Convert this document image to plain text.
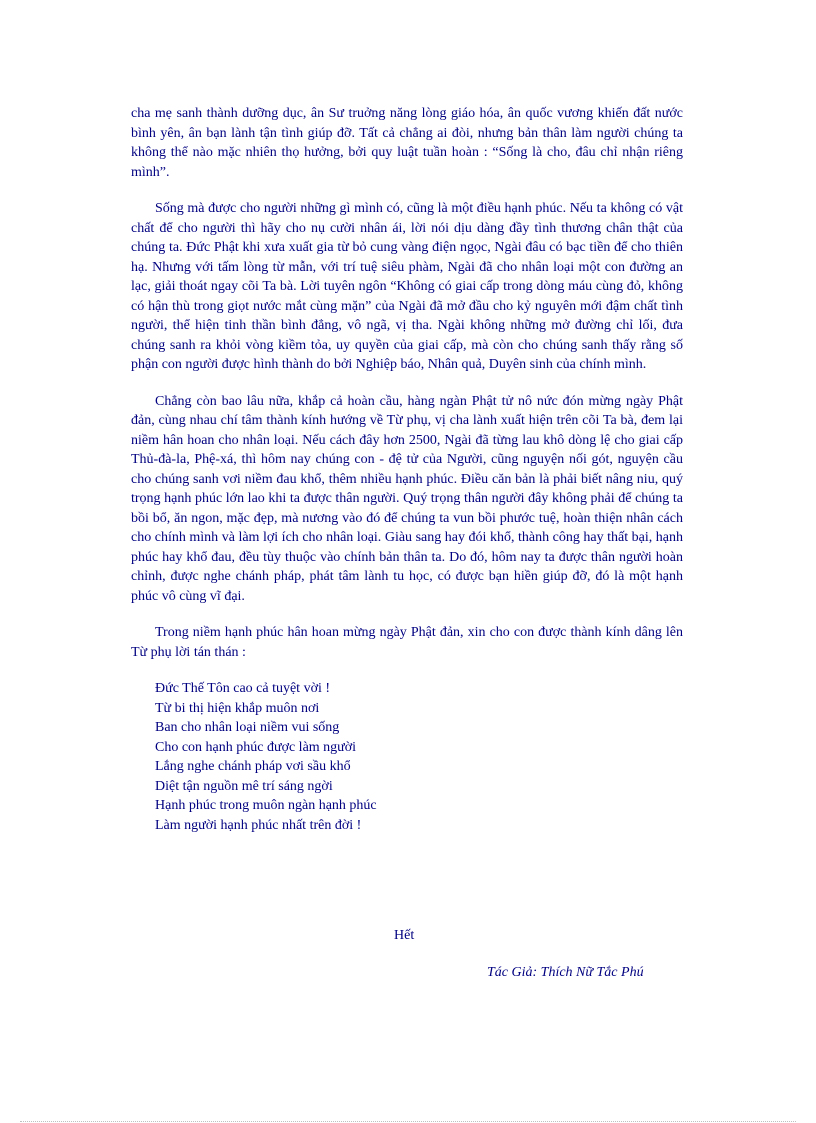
cha mẹ sanh thành dưỡng dục, ân Sư truởng năng lòng giáo hóa, ân quốc vương khiến đất nước bình yên, ân bạn lành tận tình giúp đỡ. Tất cả chẳng ai đòi, nhưng bản thân làm người chúng ta không thể nào mặc nhiên thọ hưởng, bởi quy luật tuần hoàn : “Sống là cho, đâu chỉ nhận riêng mình”.

Sống mà được cho người những gì mình có, cũng là một điều hạnh phúc. Nếu ta không có vật chất để cho người thì hãy cho nụ cười nhân ái, lời nói dịu dàng đầy tình thương chân thật của chúng ta. Đức Phật khi xưa xuất gia từ bỏ cung vàng điện ngọc, Ngài đâu có bạc tiền để cho thiên hạ. Nhưng với tấm lòng từ mẫn, với trí tuệ siêu phàm, Ngài đã cho nhân loại một con đường an lạc, giải thoát ngay cõi Ta bà. Lời tuyên ngôn “Không có giai cấp trong dòng máu cùng đỏ, không có hận thù trong giọt nước mắt cùng mặn” của Ngài đã mở đầu cho kỷ nguyên mới đậm chất tình người, thể hiện tinh thần bình đẳng, vô ngã, vị tha. Ngài không những mở đường chỉ lối, đưa chúng sanh ra khỏi vòng kiềm tỏa, uy quyền của giai cấp, mà còn cho chúng sanh thấy rằng số phận con người được hình thành do bởi Nghiệp báo, Nhân quả, Duyên sinh của chính mình.

Chẳng còn bao lâu nữa, khắp cả hoàn cầu, hàng ngàn Phật tử nô nức đón mừng ngày Phật đản, cùng nhau chí tâm thành kính hướng về Từ phụ, vị cha lành xuất hiện trên cõi Ta bà, đem lại niềm hân hoan cho nhân loại. Nếu cách đây hơn 2500, Ngài đã từng lau khô dòng lệ cho giai cấp Thủ-đà-la, Phệ-xá, thì hôm nay chúng con - đệ tử của Người, cũng nguyện nối gót, nguyện cầu cho chúng sanh vơi niềm đau khổ, thêm nhiều hạnh phúc. Điều căn bản là phải biết nâng niu, quý trọng hạnh phúc lớn lao khi ta được thân người. Quý trọng thân người đây không phải để chúng ta bồi bổ, ăn ngon, mặc đẹp, mà nương vào đó để chúng ta vun bồi phước tuệ, hoàn thiện nhân cách cho chính mình và làm lợi ích cho nhân loại. Giàu sang hay đói khổ, thành công hay thất bại, hạnh phúc hay khổ đau, đều tùy thuộc vào chính bản thân ta. Do đó, hôm nay ta được thân người hoàn chỉnh, được nghe chánh pháp, phát tâm lành tu học, có được bạn hiền giúp đỡ, đó là một hạnh phúc vô cùng vĩ đại.

Trong niềm hạnh phúc hân hoan mừng ngày Phật đản, xin cho con được thành kính dâng lên Từ phụ lời tán thán :

Đức Thế Tôn cao cả tuyệt vời !
Từ bi thị hiện khắp muôn nơi
Ban cho nhân loại niềm vui sống
Cho con hạnh phúc được làm người
Lắng nghe chánh pháp vơi sầu khổ
Diệt tận nguồn mê trí sáng ngời
Hạnh phúc trong muôn ngàn hạnh phúc
Làm người hạnh phúc nhất trên đời !
Hết
Tác Giả: Thích Nữ Tắc Phú
